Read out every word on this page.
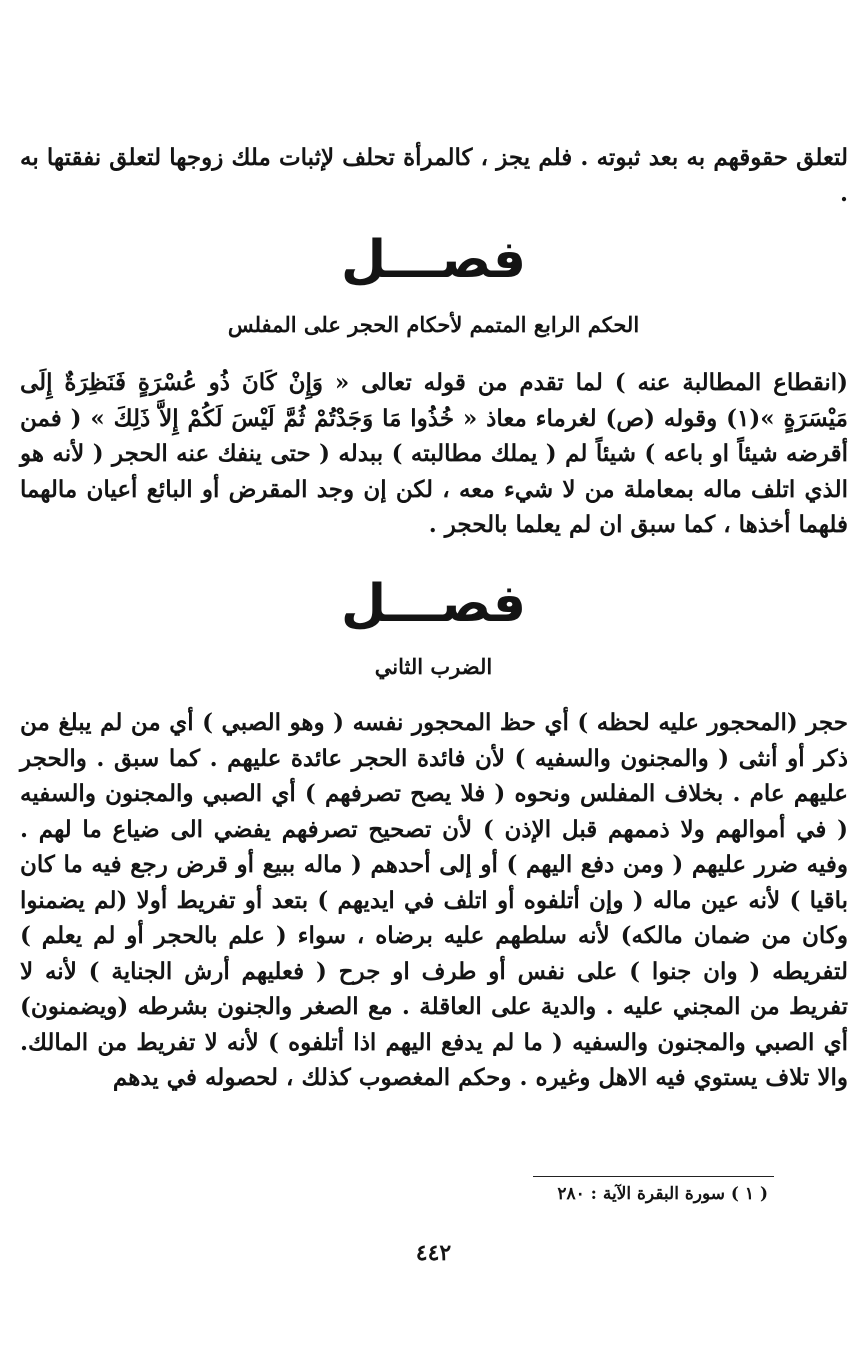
لتعلق حقوقهم به بعد ثبوته . فلم يجز ، كالمرأة تحلف لإثبات ملك زوجها لتعلق نفقتها به .

فصـــل
الحكم الرابع المتمم لأحكام الحجر على المفلس

(انقطاع المطالبة عنه ) لما تقدم من قوله تعالى « وَإِنْ كَانَ ذُو عُسْرَةٍ فَنَظِرَةٌ إِلَى مَيْسَرَةٍ »(١) وقوله (ص) لغرماء معاذ « خُذُوا مَا وَجَدْتُمْ ثُمَّ لَيْسَ لَكُمْ إِلاَّ ذَلِكَ » ( فمن أقرضه شيئاً او باعه ) شيئاً لم ( يملك مطالبته ) ببدله ( حتى ينفك عنه الحجر ( لأنه هو الذي اتلف ماله بمعاملة من لا شيء معه ، لكن إن وجد المقرض أو البائع أعيان مالهما فلهما أخذها ، كما سبق ان لم يعلما بالحجر .

فصـــل
الضرب الثاني

حجر (المحجور عليه لحظه ) أي حظ المحجور نفسه ( وهو الصبي ) أي من لم يبلغ من ذكر أو أنثى ( والمجنون والسفيه ) لأن فائدة الحجر عائدة عليهم . كما سبق . والحجر عليهم عام . بخلاف المفلس ونحوه ( فلا يصح تصرفهم ) أي الصبي والمجنون والسفيه ( في أموالهم ولا ذممهم قبل الإذن ) لأن تصحيح تصرفهم يفضي الى ضياع ما لهم . وفيه ضرر عليهم ( ومن دفع اليهم ) أو إلى أحدهم ( ماله ببيع أو قرض رجع فيه ما كان باقيا ) لأنه عين ماله ( وإن أتلفوه أو اتلف في ايديهم ) بتعد أو تفريط أولا (لم يضمنوا وكان من ضمان مالكه) لأنه سلطهم عليه برضاه ، سواء ( علم بالحجر أو لم يعلم ) لتفريطه ( وان جنوا ) على نفس أو طرف او جرح ( فعليهم أرش الجناية ) لأنه لا تفريط من المجني عليه . والدية على العاقلة . مع الصغر والجنون بشرطه (ويضمنون) أي الصبي والمجنون والسفيه ( ما لم يدفع اليهم اذا أتلفوه ) لأنه لا تفريط من المالك. والا تلاف يستوي فيه الاهل وغيره . وحكم المغصوب كذلك ، لحصوله في يدهم

( ١ ) سورة البقرة الآية : ٢٨٠
٤٤٢
